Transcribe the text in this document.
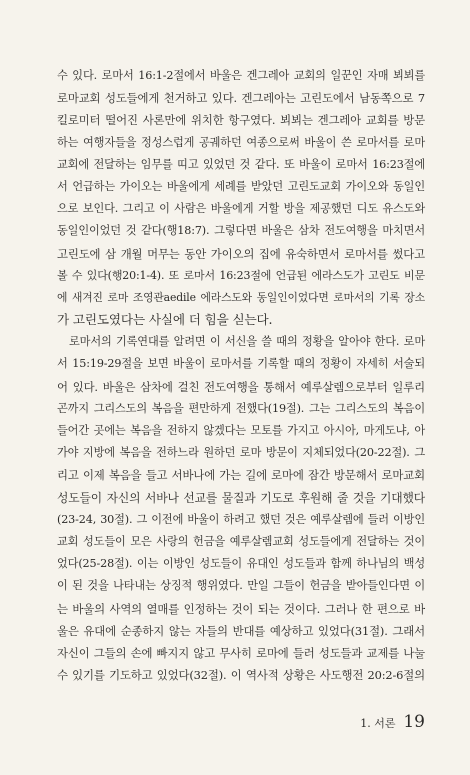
수 있다. 로마서 16:1-2절에서 바울은 겐그레아 교회의 일꾼인 자매 뵈뵈를
로마교회 성도들에게 천거하고 있다. 겐그레아는 고린도에서 남동쪽으로 7
킬로미터 떨어진 사론만에 위치한 항구였다. 뵈뵈는 겐그레아 교회를 방문
하는 여행자들을 정성스럽게 공궤하던 여종으로써 바울이 쓴 로마서를 로마
교회에 전달하는 임무를 띠고 있었던 것 같다. 또 바울이 로마서 16:23절에
서 언급하는 가이오는 바울에게 세례를 받았던 고린도교회 가이오와 동일인
으로 보인다. 그리고 이 사람은 바울에게 거할 방을 제공했던 디도 유스도와
동일인이었던 것 같다(행18:7). 그렇다면 바울은 삼차 전도여행을 마치면서
고린도에 삼 개월 머무는 동안 가이오의 집에 유숙하면서 로마서를 썼다고
볼 수 있다(행20:1-4). 또 로마서 16:23절에 언급된 에라스도가 고린도 비문
에 새겨진 로마 조영관aedile 에라스도와 동일인이었다면 로마서의 기록 장소
가 고린도였다는 사실에 더 힘을 싣는다.
로마서의 기록연대를 알려면 이 서신을 쓸 때의 정황을 알아야 한다. 로마
서 15:19-29절을 보면 바울이 로마서를 기록할 때의 정황이 자세히 서술되
어 있다. 바울은 삼차에 걸친 전도여행을 통해서 예루살렘으로부터 일루리
곤까지 그리스도의 복음을 편만하게 전했다(19절). 그는 그리스도의 복음이
들어간 곳에는 복음을 전하지 않겠다는 모토를 가지고 아시아, 마게도냐, 아
가야 지방에 복음을 전하느라 원하던 로마 방문이 지체되었다(20-22절). 그
리고 이제 복음을 들고 서바나에 가는 길에 로마에 잠간 방문해서 로마교회
성도들이 자신의 서바나 선교를 물질과 기도로 후원해 줄 것을 기대했다
(23-24, 30절). 그 이전에 바울이 하려고 했던 것은 예루살렘에 들러 이방인
교회 성도들이 모은 사랑의 헌금을 예루살렘교회 성도들에게 전달하는 것이
었다(25-28절). 이는 이방인 성도들이 유대인 성도들과 함께 하나님의 백성
이 된 것을 나타내는 상징적 행위였다. 만일 그들이 헌금을 받아들인다면 이
는 바울의 사역의 열매를 인정하는 것이 되는 것이다. 그러나 한 편으로 바
울은 유대에 순종하지 않는 자들의 반대를 예상하고 있었다(31절). 그래서
자신이 그들의 손에 빠지지 않고 무사히 로마에 들러 성도들과 교제를 나눌
수 있기를 기도하고 있었다(32절). 이 역사적 상황은 사도행전 20:2-6절의
1. 서론 19
